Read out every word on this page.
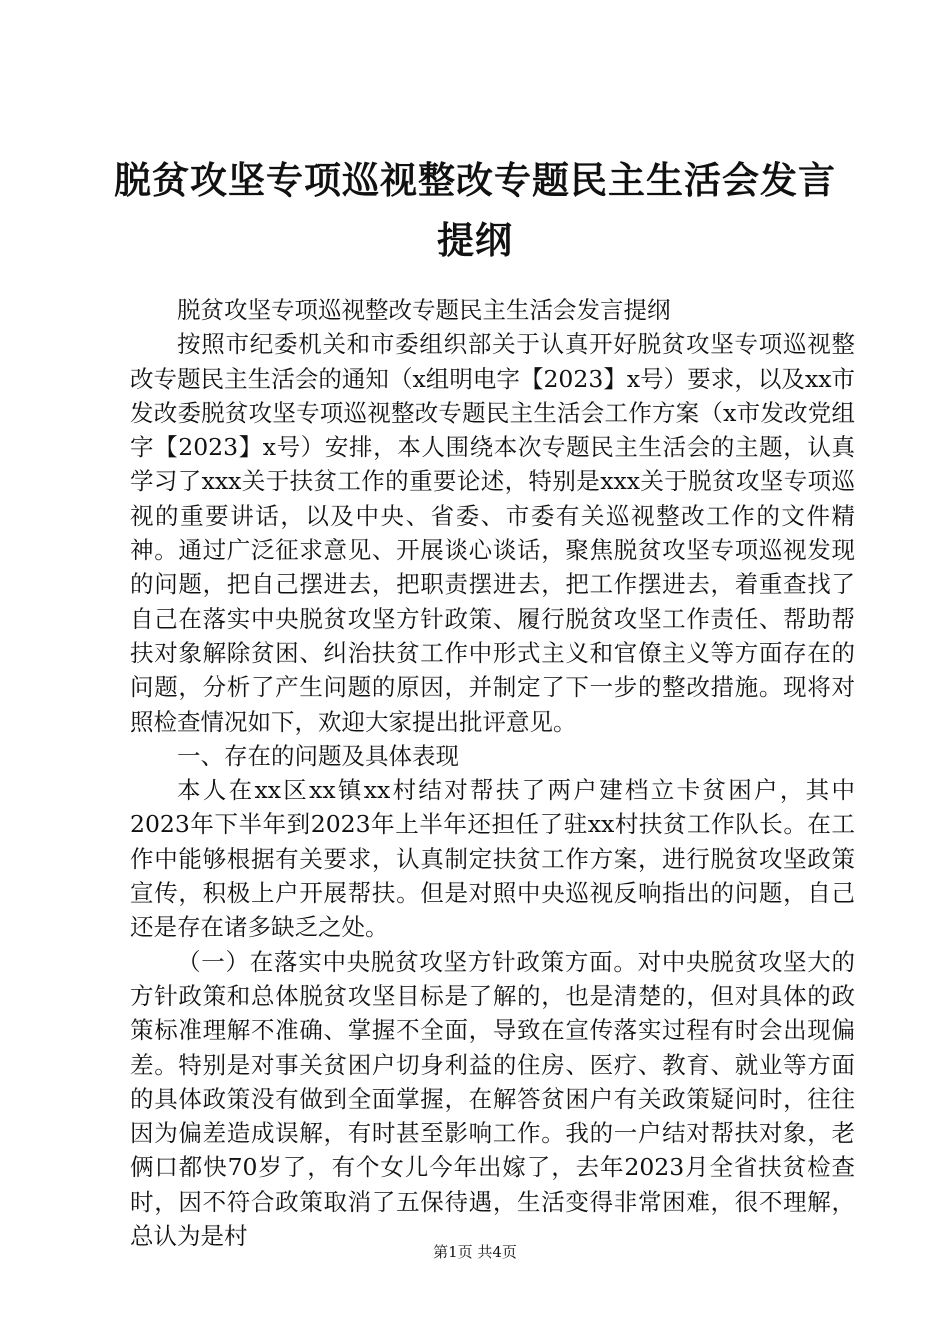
脱贫攻坚专项巡视整改专题民主生活会发言提纲

脱贫攻坚专项巡视整改专题民主生活会发言提纲

按照市纪委机关和市委组织部关于认真开好脱贫攻坚专项巡视整改专题民主生活会的通知（x组明电字【2023】x号）要求，以及xx市发改委脱贫攻坚专项巡视整改专题民主生活会工作方案（x市发改党组字【2023】x号）安排，本人围绕本次专题民主生活会的主题，认真学习了xxx关于扶贫工作的重要论述，特别是xxx关于脱贫攻坚专项巡视的重要讲话，以及中央、省委、市委有关巡视整改工作的文件精神。通过广泛征求意见、开展谈心谈话，聚焦脱贫攻坚专项巡视发现的问题，把自己摆进去，把职责摆进去，把工作摆进去，着重查找了自己在落实中央脱贫攻坚方针政策、履行脱贫攻坚工作责任、帮助帮扶对象解除贫困、纠治扶贫工作中形式主义和官僚主义等方面存在的问题，分析了产生问题的原因，并制定了下一步的整改措施。现将对照检查情况如下，欢迎大家提出批评意见。

一、存在的问题及具体表现

本人在xx区xx镇xx村结对帮扶了两户建档立卡贫困户，其中2023年下半年到2023年上半年还担任了驻xx村扶贫工作队长。在工作中能够根据有关要求，认真制定扶贫工作方案，进行脱贫攻坚政策宣传，积极上户开展帮扶。但是对照中央巡视反响指出的问题，自己还是存在诸多缺乏之处。

（一）在落实中央脱贫攻坚方针政策方面。对中央脱贫攻坚大的方针政策和总体脱贫攻坚目标是了解的，也是清楚的，但对具体的政策标准理解不准确、掌握不全面，导致在宣传落实过程有时会出现偏差。特别是对事关贫困户切身利益的住房、医疗、教育、就业等方面的具体政策没有做到全面掌握，在解答贫困户有关政策疑问时，往往因为偏差造成误解，有时甚至影响工作。我的一户结对帮扶对象，老俩口都快70岁了，有个女儿今年出嫁了，去年2023月全省扶贫检查时，因不符合政策取消了五保待遇，生活变得非常困难，很不理解，总认为是村

第1页 共4页
